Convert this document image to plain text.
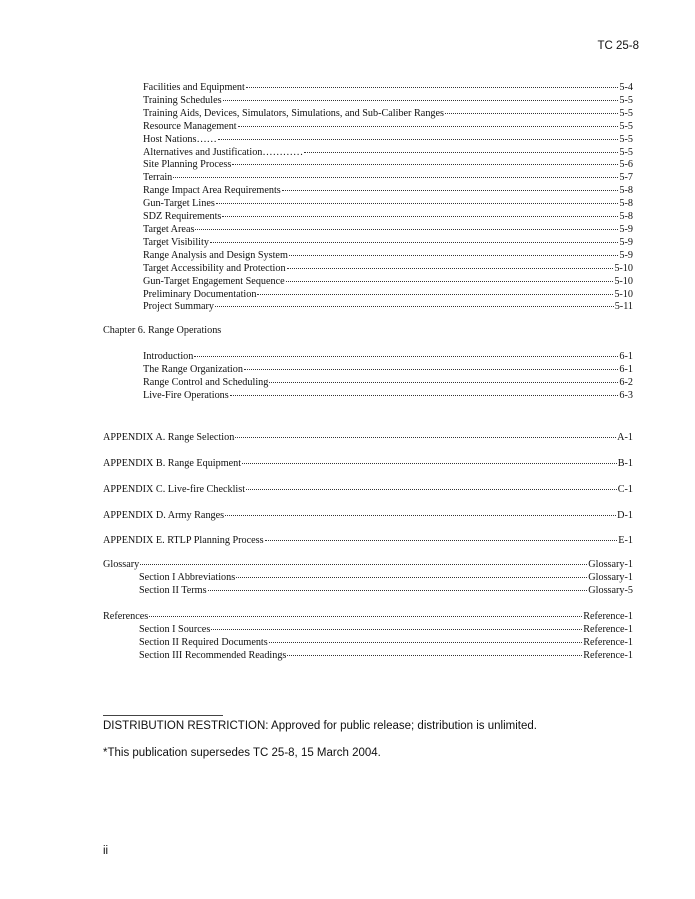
TC 25-8
Facilities and Equipment	5-4
Training Schedules	5-5
Training Aids, Devices, Simulators, Simulations, and Sub-Caliber Ranges	5-5
Resource Management	5-5
Host Nations……	5-5
Alternatives and Justification…………	5-5
Site Planning Process	5-6
Terrain	5-7
Range Impact Area Requirements	5-8
Gun-Target Lines	5-8
SDZ Requirements	5-8
Target Areas	5-9
Target Visibility	5-9
Range Analysis and Design System	5-9
Target Accessibility and Protection	5-10
Gun-Target Engagement Sequence	5-10
Preliminary Documentation	5-10
Project Summary	5-11
Chapter 6. Range Operations
Introduction	6-1
The Range Organization	6-1
Range Control and Scheduling	6-2
Live-Fire Operations	6-3
APPENDIX A. Range Selection	A-1
APPENDIX B. Range Equipment	B-1
APPENDIX C. Live-fire Checklist	C-1
APPENDIX D. Army Ranges	D-1
APPENDIX E. RTLP Planning Process	E-1
Glossary	Glossary-1
Section I Abbreviations	Glossary-1
Section II Terms	Glossary-5
References	Reference-1
Section I Sources	Reference-1
Section II Required Documents	Reference-1
Section III Recommended Readings	Reference-1
DISTRIBUTION RESTRICTION: Approved for public release; distribution is unlimited.
*This publication supersedes TC 25-8, 15 March 2004.
ii
